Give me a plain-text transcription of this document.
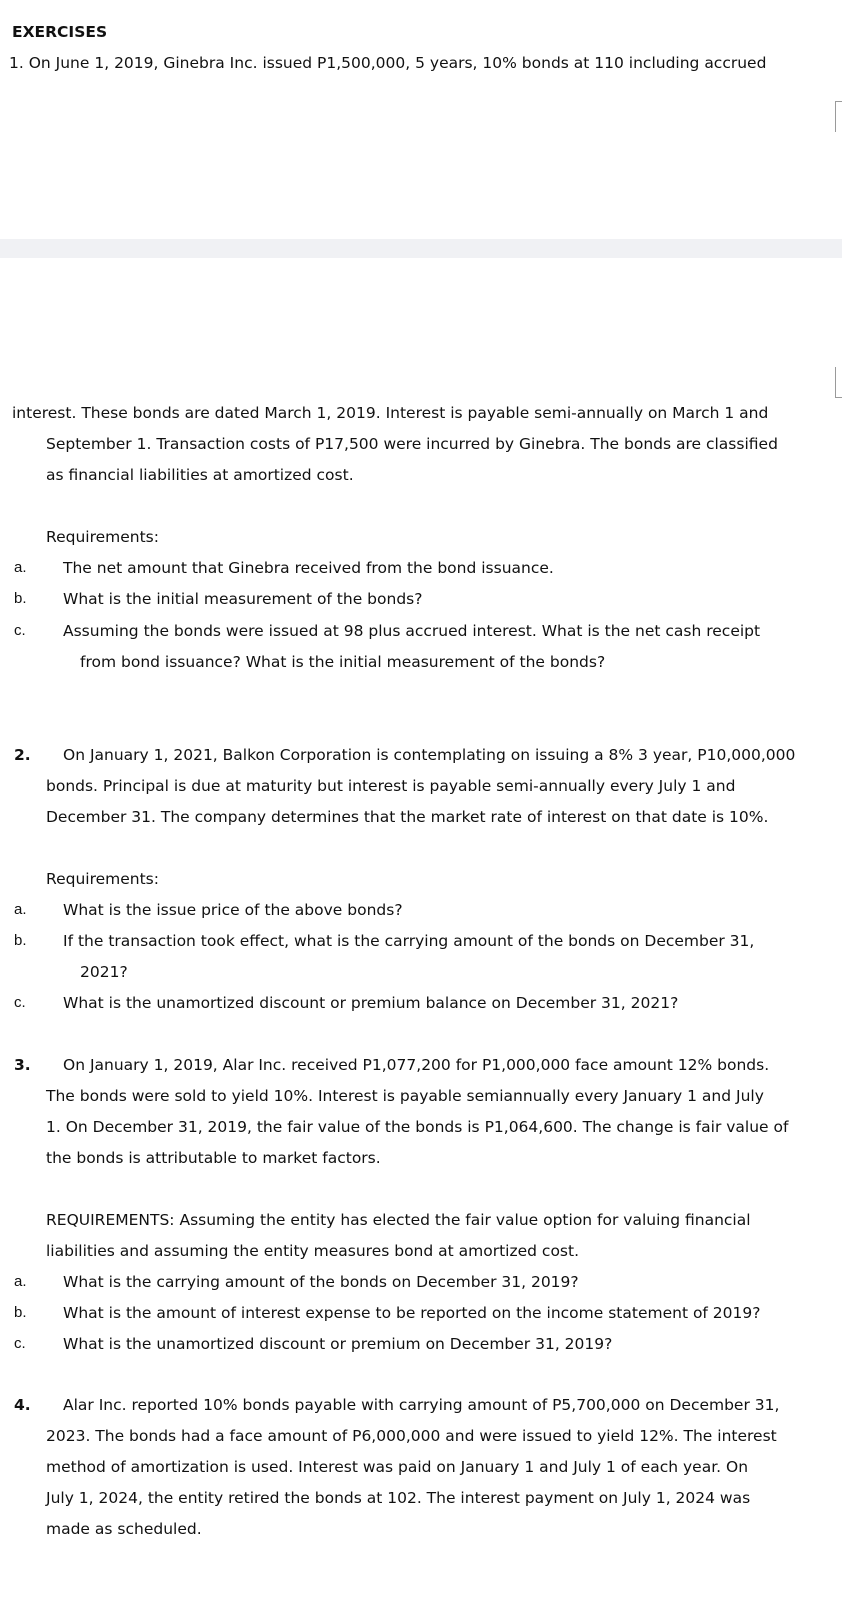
EXERCISES
1. On June 1, 2019, Ginebra Inc. issued P1,500,000, 5 years, 10% bonds at 110 including accrued
interest. These bonds are dated March 1, 2019. Interest is payable semi-annually on March 1 and
September 1. Transaction costs of P17,500 were incurred by Ginebra. The bonds are classified
as financial liabilities at amortized cost.
Requirements:
a. The net amount that Ginebra received from the bond issuance.
b. What is the initial measurement of the bonds?
c. Assuming the bonds were issued at 98 plus accrued interest. What is the net cash receipt
from bond issuance? What is the initial measurement of the bonds?
2. On January 1, 2021, Balkon Corporation is contemplating on issuing a 8% 3 year, P10,000,000
bonds. Principal is due at maturity but interest is payable semi-annually every July 1 and
December 31. The company determines that the market rate of interest on that date is 10%.
Requirements:
a. What is the issue price of the above bonds?
b. If the transaction took effect, what is the carrying amount of the bonds on December 31,
2021?
c. What is the unamortized discount or premium balance on December 31, 2021?
3. On January 1, 2019, Alar Inc. received P1,077,200 for P1,000,000 face amount 12% bonds.
The bonds were sold to yield 10%. Interest is payable semiannually every January 1 and July
1. On December 31, 2019, the fair value of the bonds is P1,064,600. The change is fair value of
the bonds is attributable to market factors.
REQUIREMENTS: Assuming the entity has elected the fair value option for valuing financial
liabilities and assuming the entity measures bond at amortized cost.
a. What is the carrying amount of the bonds on December 31, 2019?
b. What is the amount of interest expense to be reported on the income statement of 2019?
c. What is the unamortized discount or premium on December 31, 2019?
4. Alar Inc. reported 10% bonds payable with carrying amount of P5,700,000 on December 31,
2023. The bonds had a face amount of P6,000,000 and were issued to yield 12%. The interest
method of amortization is used. Interest was paid on January 1 and July 1 of each year. On
July 1, 2024, the entity retired the bonds at 102. The interest payment on July 1, 2024 was
made as scheduled.
